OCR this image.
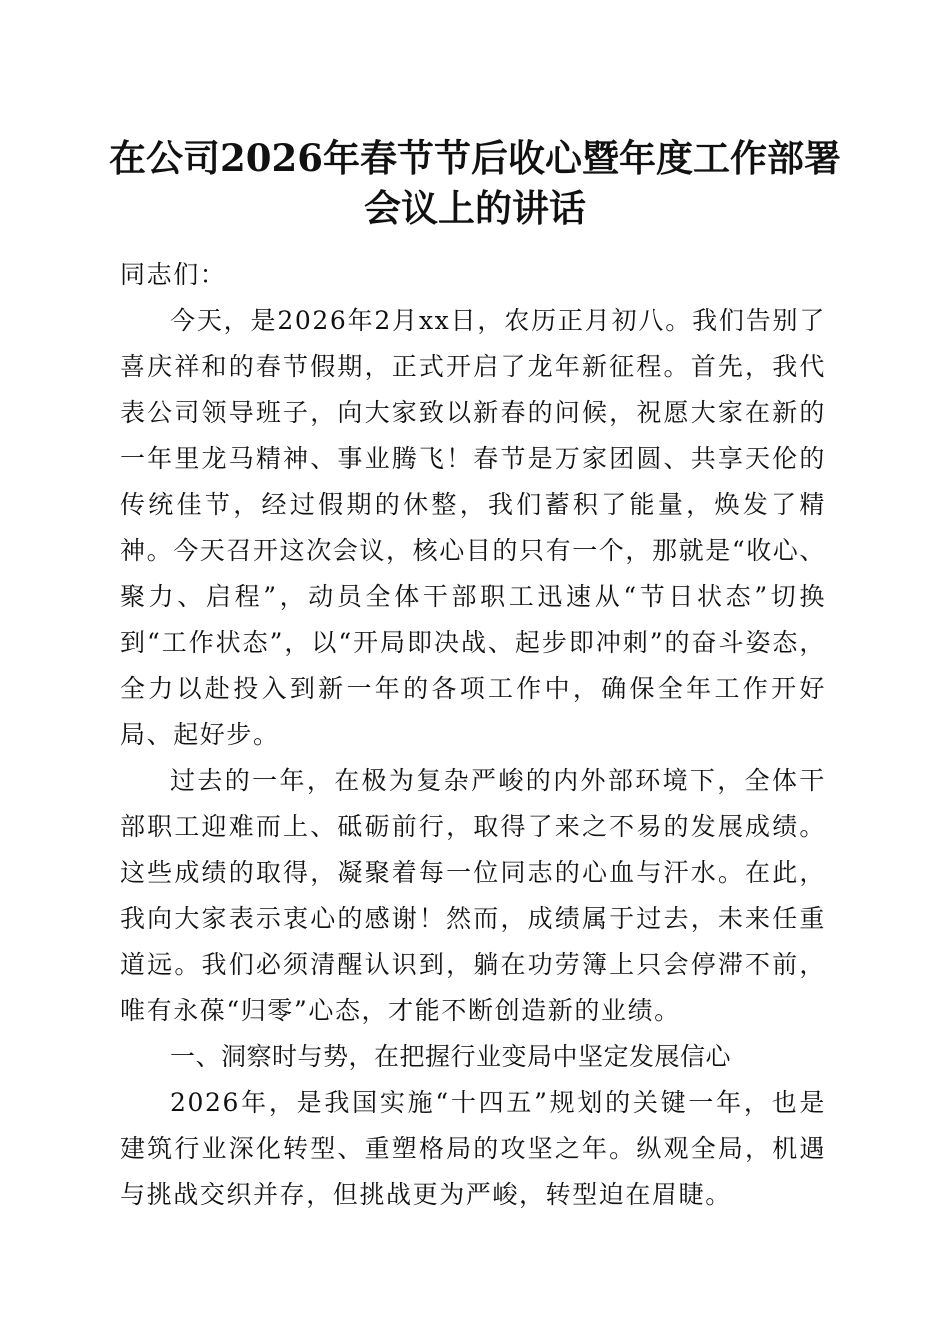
在公司2026年春节节后收心暨年度工作部署
会议上的讲话

同志们：

今天，是2026年2月xx日，农历正月初八。我们告别了喜庆祥和的春节假期，正式开启了龙年新征程。首先，我代表公司领导班子，向大家致以新春的问候，祝愿大家在新的一年里龙马精神、事业腾飞！春节是万家团圆、共享天伦的传统佳节，经过假期的休整，我们蓄积了能量，焕发了精神。今天召开这次会议，核心目的只有一个，那就是“收心、聚力、启程”，动员全体干部职工迅速从“节日状态”切换到“工作状态”，以“开局即决战、起步即冲刺”的奋斗姿态，全力以赴投入到新一年的各项工作中，确保全年工作开好局、起好步。

过去的一年，在极为复杂严峻的内外部环境下，全体干部职工迎难而上、砥砺前行，取得了来之不易的发展成绩。这些成绩的取得，凝聚着每一位同志的心血与汗水。在此，我向大家表示衷心的感谢！然而，成绩属于过去，未来任重道远。我们必须清醒认识到，躺在功劳簿上只会停滞不前，唯有永葆“归零”心态，才能不断创造新的业绩。

一、洞察时与势，在把握行业变局中坚定发展信心

2026年，是我国实施“十四五”规划的关键一年，也是建筑行业深化转型、重塑格局的攻坚之年。纵观全局，机遇与挑战交织并存，但挑战更为严峻，转型迫在眉睫。
